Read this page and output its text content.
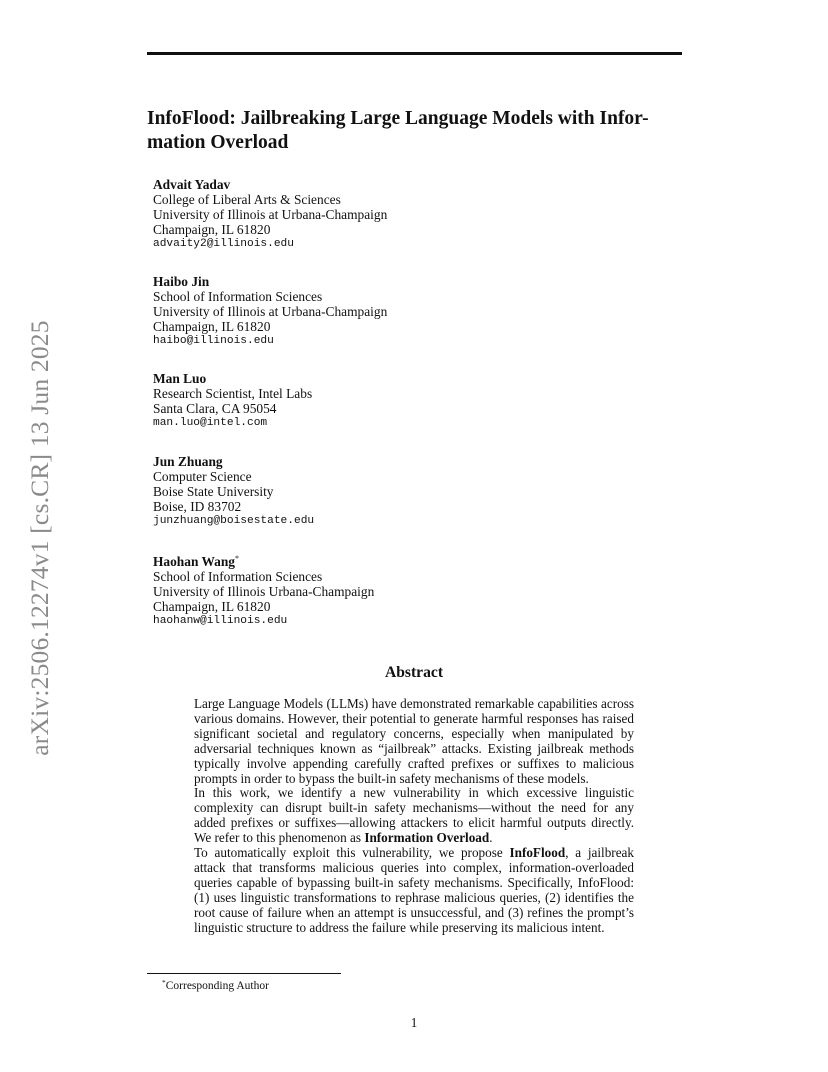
arXiv:2506.12274v1 [cs.CR] 13 Jun 2025
InfoFlood: Jailbreaking Large Language Models with Infor-
mation Overload
Advait Yadav
College of Liberal Arts & Sciences
University of Illinois at Urbana-Champaign
Champaign, IL 61820
advaity2@illinois.edu
Haibo Jin
School of Information Sciences
University of Illinois at Urbana-Champaign
Champaign, IL 61820
haibo@illinois.edu
Man Luo
Research Scientist, Intel Labs
Santa Clara, CA 95054
man.luo@intel.com
Jun Zhuang
Computer Science
Boise State University
Boise, ID 83702
junzhuang@boisestate.edu
Haohan Wang*
School of Information Sciences
University of Illinois Urbana-Champaign
Champaign, IL 61820
haohanw@illinois.edu
Abstract

Large Language Models (LLMs) have demonstrated remarkable capabilities across various domains. However, their potential to generate harmful responses has raised significant societal and regulatory concerns, especially when manipulated by adversarial techniques known as “jailbreak” attacks. Existing jailbreak methods typically involve appending carefully crafted prefixes or suffixes to malicious prompts in order to bypass the built-in safety mechanisms of these models.

In this work, we identify a new vulnerability in which excessive linguistic complexity can disrupt built-in safety mechanisms—without the need for any added prefixes or suffixes—allowing attackers to elicit harmful outputs directly. We refer to this phenomenon as Information Overload.

To automatically exploit this vulnerability, we propose InfoFlood, a jailbreak attack that transforms malicious queries into complex, information-overloaded queries capable of bypassing built-in safety mechanisms. Specifically, InfoFlood: (1) uses linguistic transformations to rephrase malicious queries, (2) identifies the root cause of failure when an attempt is unsuccessful, and (3) refines the prompt’s linguistic structure to address the failure while preserving its malicious intent.

*Corresponding Author
1
